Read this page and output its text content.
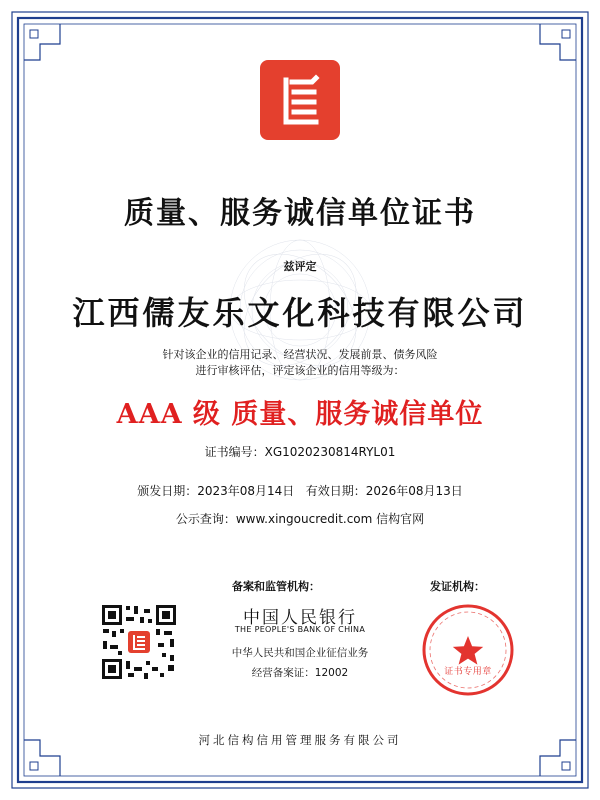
质量、服务诚信单位证书
兹评定
江西儒友乐文化科技有限公司
针对该企业的信用记录、经营状况、发展前景、债务风险
进行审核评估，评定该企业的信用等级为：
AAA 级 质量、服务诚信单位
证书编号：XG1020230814RYL01
颁发日期：2023年08月14日   有效日期：2026年08月13日
公示查询：www.xingoucredit.com 信构官网
备案和监管机构：	发证机构：
中国人民银行
THE PEOPLE'S BANK OF CHINA
中华人民共和国企业征信业务
经营备案证：12002	证书专用章
河北信构信用管理服务有限公司
